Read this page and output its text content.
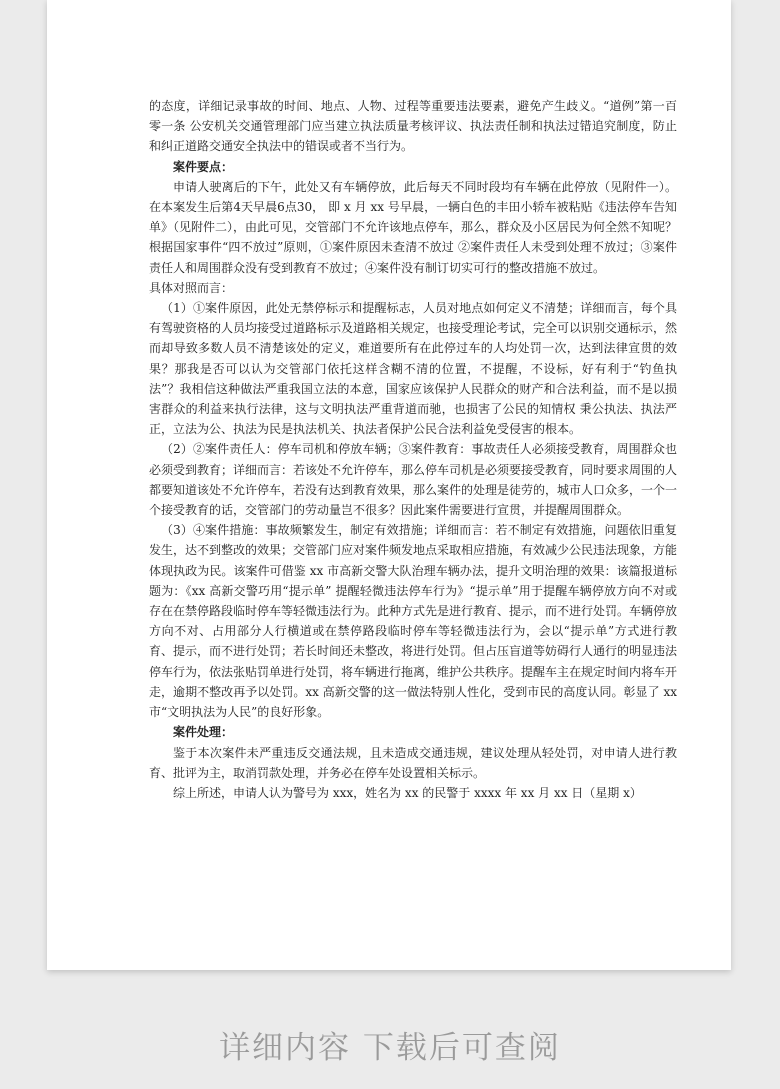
的态度，详细记录事故的时间、地点、人物、过程等重要违法要素，避免产生歧义。“道例”第一百零一条 公安机关交通管理部门应当建立执法质量考核评议、执法责任制和执法过错追究制度，防止和纠正道路交通安全执法中的错误或者不当行为。

案件要点：

申请人驶离后的下午，此处又有车辆停放，此后每天不同时段均有车辆在此停放（见附件一）。在本案发生后第4天早晨6点30， 即 x 月 xx 号早晨，一辆白色的丰田小轿车被粘贴《违法停车告知单》（见附件二），由此可见，交管部门不允许该地点停车，那么，群众及小区居民为何全然不知呢？根据国家事件“四不放过”原则，①案件原因未查清不放过 ②案件责任人未受到处理不放过；③案件责任人和周围群众没有受到教育不放过；④案件没有制订切实可行的整改措施不放过。

具体对照而言：

（1）①案件原因，此处无禁停标示和提醒标志，人员对地点如何定义不清楚；详细而言，每个具有驾驶资格的人员均接受过道路标示及道路相关规定，也接受理论考试，完全可以识别交通标示，然而却导致多数人员不清楚该处的定义，难道要所有在此停过车的人均处罚一次，达到法律宣贯的效果？那我是否可以认为交管部门依托这样含糊不清的位置，不提醒，不设标，好有利于“钓鱼执法”？我相信这种做法严重我国立法的本意，国家应该保护人民群众的财产和合法利益，而不是以损害群众的利益来执行法律，这与文明执法严重背道而驰，也损害了公民的知情权 秉公执法、执法严正，立法为公、执法为民是执法机关、执法者保护公民合法利益免受侵害的根本。

（2）②案件责任人：停车司机和停放车辆；③案件教育：事故责任人必须接受教育，周围群众也必须受到教育；详细而言：若该处不允许停车，那么停车司机是必须要接受教育，同时要求周围的人都要知道该处不允许停车，若没有达到教育效果，那么案件的处理是徒劳的，城市人口众多，一个一个接受教育的话，交管部门的劳动量岂不很多？因此案件需要进行宣贯，并提醒周围群众。

（3）④案件措施：事故频繁发生，制定有效措施；详细而言：若不制定有效措施，问题依旧重复发生，达不到整改的效果；交管部门应对案件频发地点采取相应措施，有效减少公民违法现象，方能体现执政为民。该案件可借鉴 xx 市高新交警大队治理车辆办法，提升文明治理的效果：该篇报道标题为：《xx 高新交警巧用“提示单” 提醒轻微违法停车行为》“提示单”用于提醒车辆停放方向不对或存在在禁停路段临时停车等轻微违法行为。此种方式先是进行教育、提示，而不进行处罚。车辆停放方向不对、占用部分人行横道或在禁停路段临时停车等轻微违法行为，会以“提示单”方式进行教育、提示，而不进行处罚；若长时间还未整改，将进行处罚。但占压盲道等妨碍行人通行的明显违法停车行为，依法张贴罚单进行处罚，将车辆进行拖离，维护公共秩序。提醒车主在规定时间内将车开走，逾期不整改再予以处罚。xx 高新交警的这一做法特别人性化，受到市民的高度认同。彰显了 xx 市“文明执法为人民”的良好形象。

案件处理：

鉴于本次案件未严重违反交通法规，且未造成交通违规，建议处理从轻处罚，对申请人进行教育、批评为主，取消罚款处理，并务必在停车处设置相关标示。

综上所述，申请人认为警号为 xxx，姓名为 xx 的民警于 xxxx 年 xx 月 xx 日（星期 x）

详细内容 下载后可查阅
